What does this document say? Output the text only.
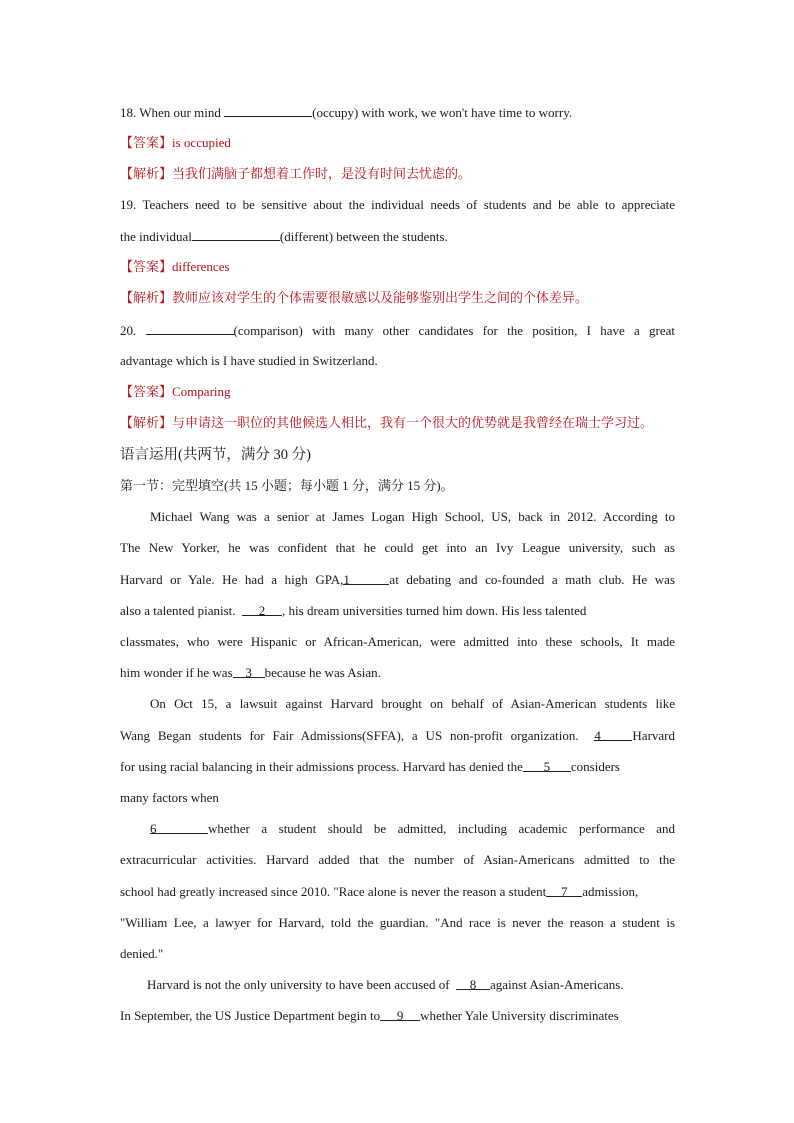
18. When our mind	(occupy) with work, we won't have time to worry.
【答案】is occupied
【解析】当我们满脑子都想着工作时，是没有时间去忧虑的。
19. Teachers need to be sensitive about the individual needs of students and be able to appreciate
the individual	(different) between the students.
【答案】differences
【解析】教师应该对学生的个体需要很敏感以及能够鉴别出学生之间的个体差异。
20.	(comparison) with many other candidates for the position, I have a great
advantage which is I have studied in Switzerland.
【答案】Comparing
【解析】与申请这一职位的其他候选人相比，我有一个很大的优势就是我曾经在瑞士学习过。
语言运用(共两节，满分 30 分)
第一节：完型填空(共 15 小题；每小题 1 分，满分 15 分)。
Michael Wang was a senior at James Logan High School, US, back in 2012. According to
The New Yorker, he was confident that he could get into an Ivy League university, such as
Harvard or Yale. He had a high GPA,1	at debating and co-founded a math club. He was
also a talented pianist. 2 , his dream universities turned him down. His less talented
classmates, who were Hispanic or African-American, were admitted into these schools, It made
him wonder if he was 3 because he was Asian.
On Oct 15, a lawsuit against Harvard brought on behalf of Asian-American students like
Wang Began students for Fair Admissions(SFFA), a US non-profit organization. 4 Harvard
for using racial balancing in their admissions process. Harvard has denied the 5 considers
many factors when
6	whether a student should be admitted, including academic performance and
extracurricular activities. Harvard added that the number of Asian-Americans admitted to the
school had greatly increased since 2010. "Race alone is never the reason a student 7 admission,
"William Lee, a lawyer for Harvard, told the guardian. "And race is never the reason a student is
denied."
Harvard is not the only university to have been accused of 8 against Asian-Americans.
In September, the US Justice Department begin to 9 whether Yale University discriminates
